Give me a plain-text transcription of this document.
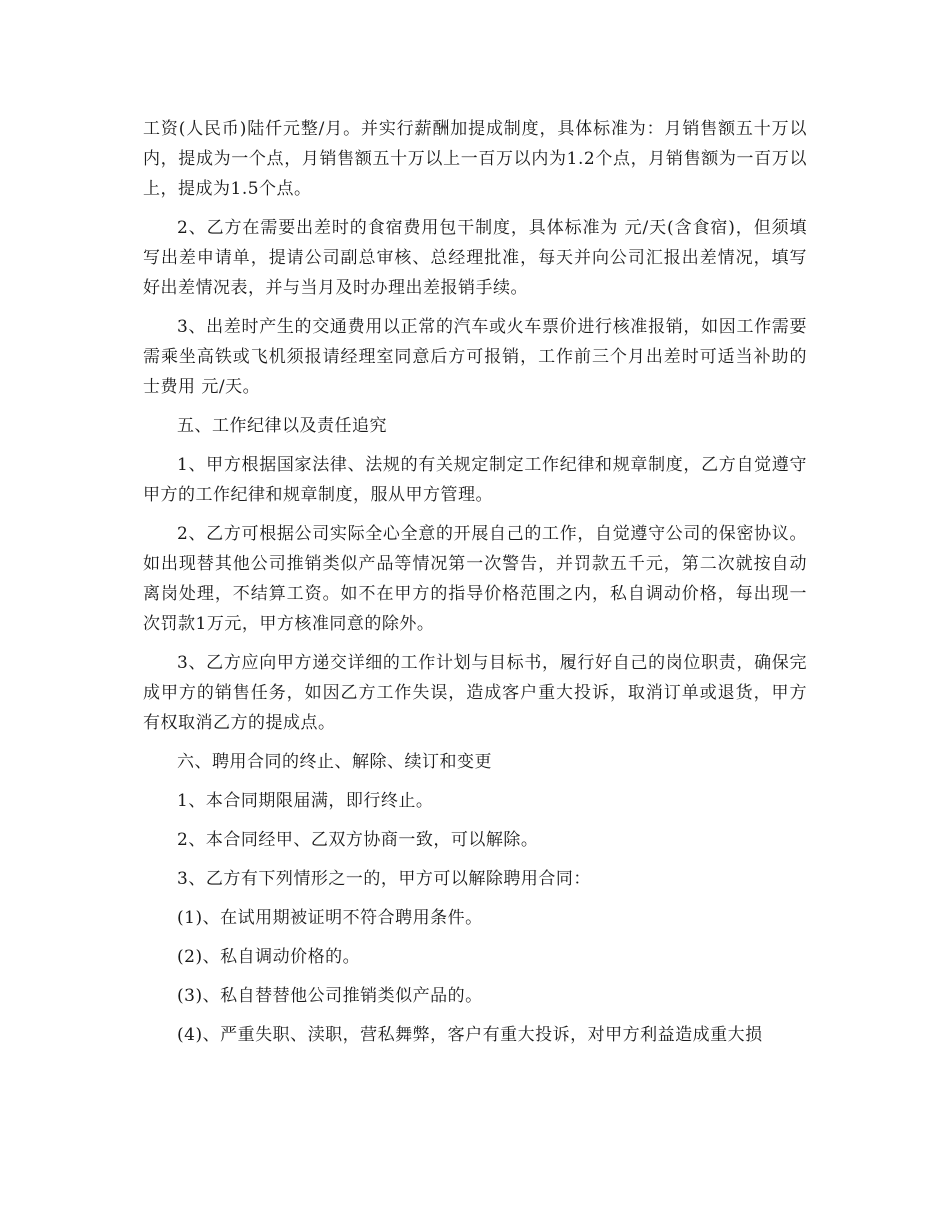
工资(人民币)陆仟元整/月。并实行薪酬加提成制度，具体标准为：月销售额五十万以内，提成为一个点，月销售额五十万以上一百万以内为1.2个点，月销售额为一百万以上，提成为1.5个点。

2、乙方在需要出差时的食宿费用包干制度，具体标准为 元/天(含食宿)，但须填写出差申请单，提请公司副总审核、总经理批准，每天并向公司汇报出差情况，填写好出差情况表，并与当月及时办理出差报销手续。

3、出差时产生的交通费用以正常的汽车或火车票价进行核准报销，如因工作需要需乘坐高铁或飞机须报请经理室同意后方可报销，工作前三个月出差时可适当补助的士费用 元/天。

五、工作纪律以及责任追究

1、甲方根据国家法律、法规的有关规定制定工作纪律和规章制度，乙方自觉遵守甲方的工作纪律和规章制度，服从甲方管理。

2、乙方可根据公司实际全心全意的开展自己的工作，自觉遵守公司的保密协议。如出现替其他公司推销类似产品等情况第一次警告，并罚款五千元，第二次就按自动离岗处理，不结算工资。如不在甲方的指导价格范围之内，私自调动价格，每出现一次罚款1万元，甲方核准同意的除外。

3、乙方应向甲方递交详细的工作计划与目标书，履行好自己的岗位职责，确保完成甲方的销售任务，如因乙方工作失误，造成客户重大投诉，取消订单或退货，甲方有权取消乙方的提成点。

六、聘用合同的终止、解除、续订和变更

1、本合同期限届满，即行终止。

2、本合同经甲、乙双方协商一致，可以解除。

3、乙方有下列情形之一的，甲方可以解除聘用合同：

(1)、在试用期被证明不符合聘用条件。

(2)、私自调动价格的。

(3)、私自替替他公司推销类似产品的。

(4)、严重失职、渎职，营私舞弊，客户有重大投诉，对甲方利益造成重大损
